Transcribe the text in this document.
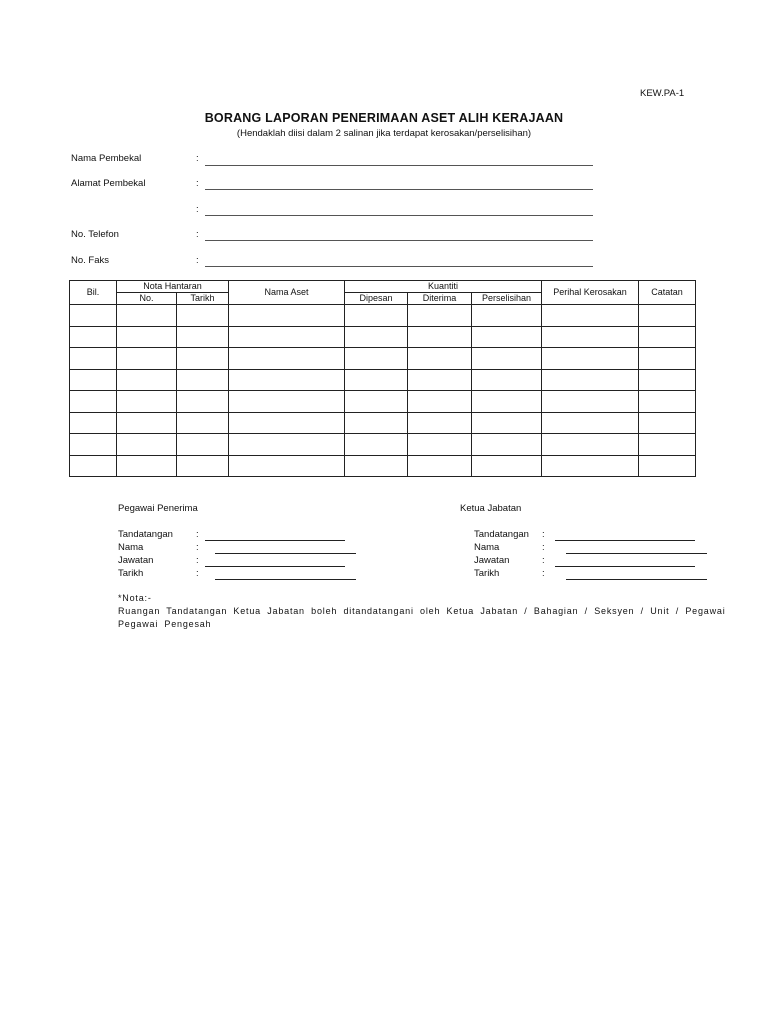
KEW.PA-1
BORANG LAPORAN PENERIMAAN ASET ALIH KERAJAAN
(Hendaklah diisi dalam 2 salinan jika terdapat kerosakan/perselisihan)
Nama Pembekal	:
Alamat Pembekal	:
:
No. Telefon	:
No. Faks	:
Bil.	Nota Hantaran		Nama Aset	Kuantiti			Perihal Kerosakan	Catatan
	No.	Tarikh		Dipesan	Diterima	Perselisihan		

Pegawai Penerima
Tandatangan :
Nama	:
Jawatan	:
Tarikh	:
Ketua Jabatan
Tandatangan :
Nama	:
Jawatan	:
Tarikh	:
*Nota:-
Ruangan Tandatangan Ketua Jabatan boleh ditandatangani oleh Ketua Jabatan / Bahagian / Seksyen / Unit / Pegawai
Pegawai Pengesah
